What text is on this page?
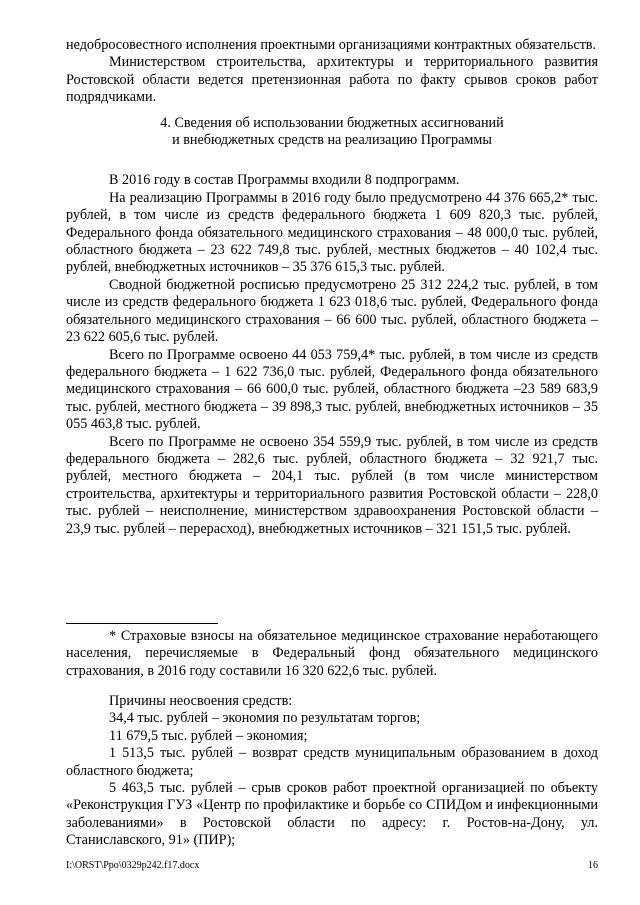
недобросовестного исполнения проектными организациями контрактных обязательств.

Министерством строительства, архитектуры и территориального развития Ростовской области ведется претензионная работа по факту срывов сроков работ подрядчиками.

4. Сведения об использовании бюджетных ассигнований
и внебюджетных средств на реализацию Программы

В 2016 году в состав Программы входили 8 подпрограмм.

На реализацию Программы в 2016 году было предусмотрено 44 376 665,2* тыс. рублей, в том числе из средств федерального бюджета 1 609 820,3 тыс. рублей, Федерального фонда обязательного медицинского страхования – 48 000,0 тыс. рублей, областного бюджета – 23 622 749,8 тыс. рублей, местных бюджетов – 40 102,4 тыс. рублей, внебюджетных источников – 35 376 615,3 тыс. рублей.

Сводной бюджетной росписью предусмотрено 25 312 224,2 тыс. рублей, в том числе из средств федерального бюджета 1 623 018,6 тыс. рублей, Федерального фонда обязательного медицинского страхования – 66 600 тыс. рублей, областного бюджета – 23 622 605,6 тыс. рублей.

Всего по Программе освоено 44 053 759,4* тыс. рублей, в том числе из средств федерального бюджета – 1 622 736,0 тыс. рублей, Федерального фонда обязательного медицинского страхования – 66 600,0 тыс. рублей, областного бюджета –23 589 683,9 тыс. рублей, местного бюджета – 39 898,3 тыс. рублей, внебюджетных источников – 35 055 463,8 тыс. рублей.

Всего по Программе не освоено 354 559,9 тыс. рублей, в том числе из средств федерального бюджета – 282,6 тыс. рублей, областного бюджета – 32 921,7 тыс. рублей, местного бюджета – 204,1 тыс. рублей (в том числе министерством строительства, архитектуры и территориального развития Ростовской области – 228,0 тыс. рублей – неисполнение, министерством здравоохранения Ростовской области – 23,9 тыс. рублей – перерасход), внебюджетных источников – 321 151,5 тыс. рублей.

* Страховые взносы на обязательное медицинское страхование неработающего населения, перечисляемые в Федеральный фонд обязательного медицинского страхования, в 2016 году составили 16 320 622,6 тыс. рублей.

Причины неосвоения средств:

34,4 тыс. рублей – экономия по результатам торгов;

11 679,5 тыс. рублей – экономия;

1 513,5 тыс. рублей – возврат средств муниципальным образованием в доход областного бюджета;

5 463,5 тыс. рублей – срыв сроков работ проектной организацией по объекту «Реконструкция ГУЗ «Центр по профилактике и борьбе со СПИДом и инфекционными заболеваниями» в Ростовской области по адресу: г. Ростов-на-Дону, ул. Станиславского, 91» (ПИР);

I:\ORST\Ppo\0329p242.f17.docx	16
